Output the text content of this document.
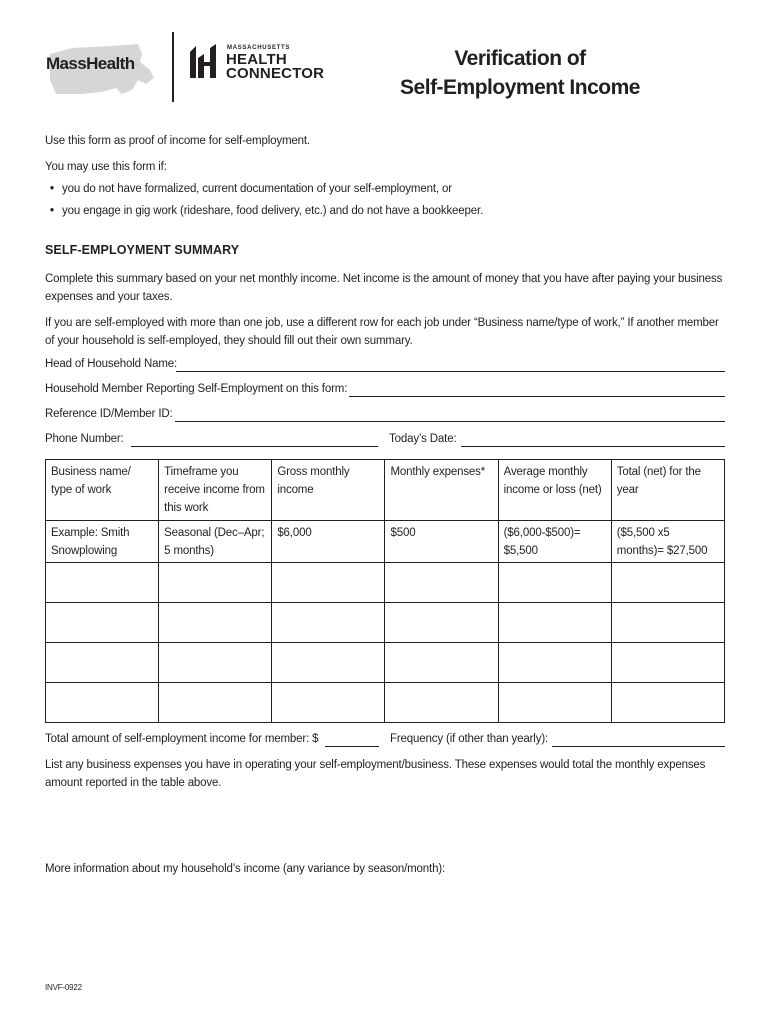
MassHealth
MASSACHUSETTS
HEALTH
CONNECTOR
Verification of
Self-Employment Income
Use this form as proof of income for self-employment.
You may use this form if:
• you do not have formalized, current documentation of your self-employment, or
• you engage in gig work (rideshare, food delivery, etc.) and do not have a bookkeeper.
SELF-EMPLOYMENT SUMMARY
Complete this summary based on your net monthly income. Net income is the amount of money that you have after paying your business expenses and your taxes.
If you are self-employed with more than one job, use a different row for each job under “Business name/type of work,” If another member of your household is self-employed, they should fill out their own summary.
Head of Household Name:
Household Member Reporting Self-Employment on this form:
Reference ID/Member ID:
Phone Number:	Today’s Date:
Business name/ type of work	Timeframe you receive income from this work	Gross monthly income	Monthly expenses*	Average monthly income or loss (net)	Total (net) for the year
Example: Smith Snowplowing	Seasonal (Dec–Apr; 5 months)	$6,000	$500	($6,000-$500)= $5,500	($5,500 x5 months)= $27,500

Total amount of self-employment income for member: $	Frequency (if other than yearly):
List any business expenses you have in operating your self-employment/business. These expenses would total the monthly expenses amount reported in the table above.
More information about my household’s income (any variance by season/month):
INVF-0922
